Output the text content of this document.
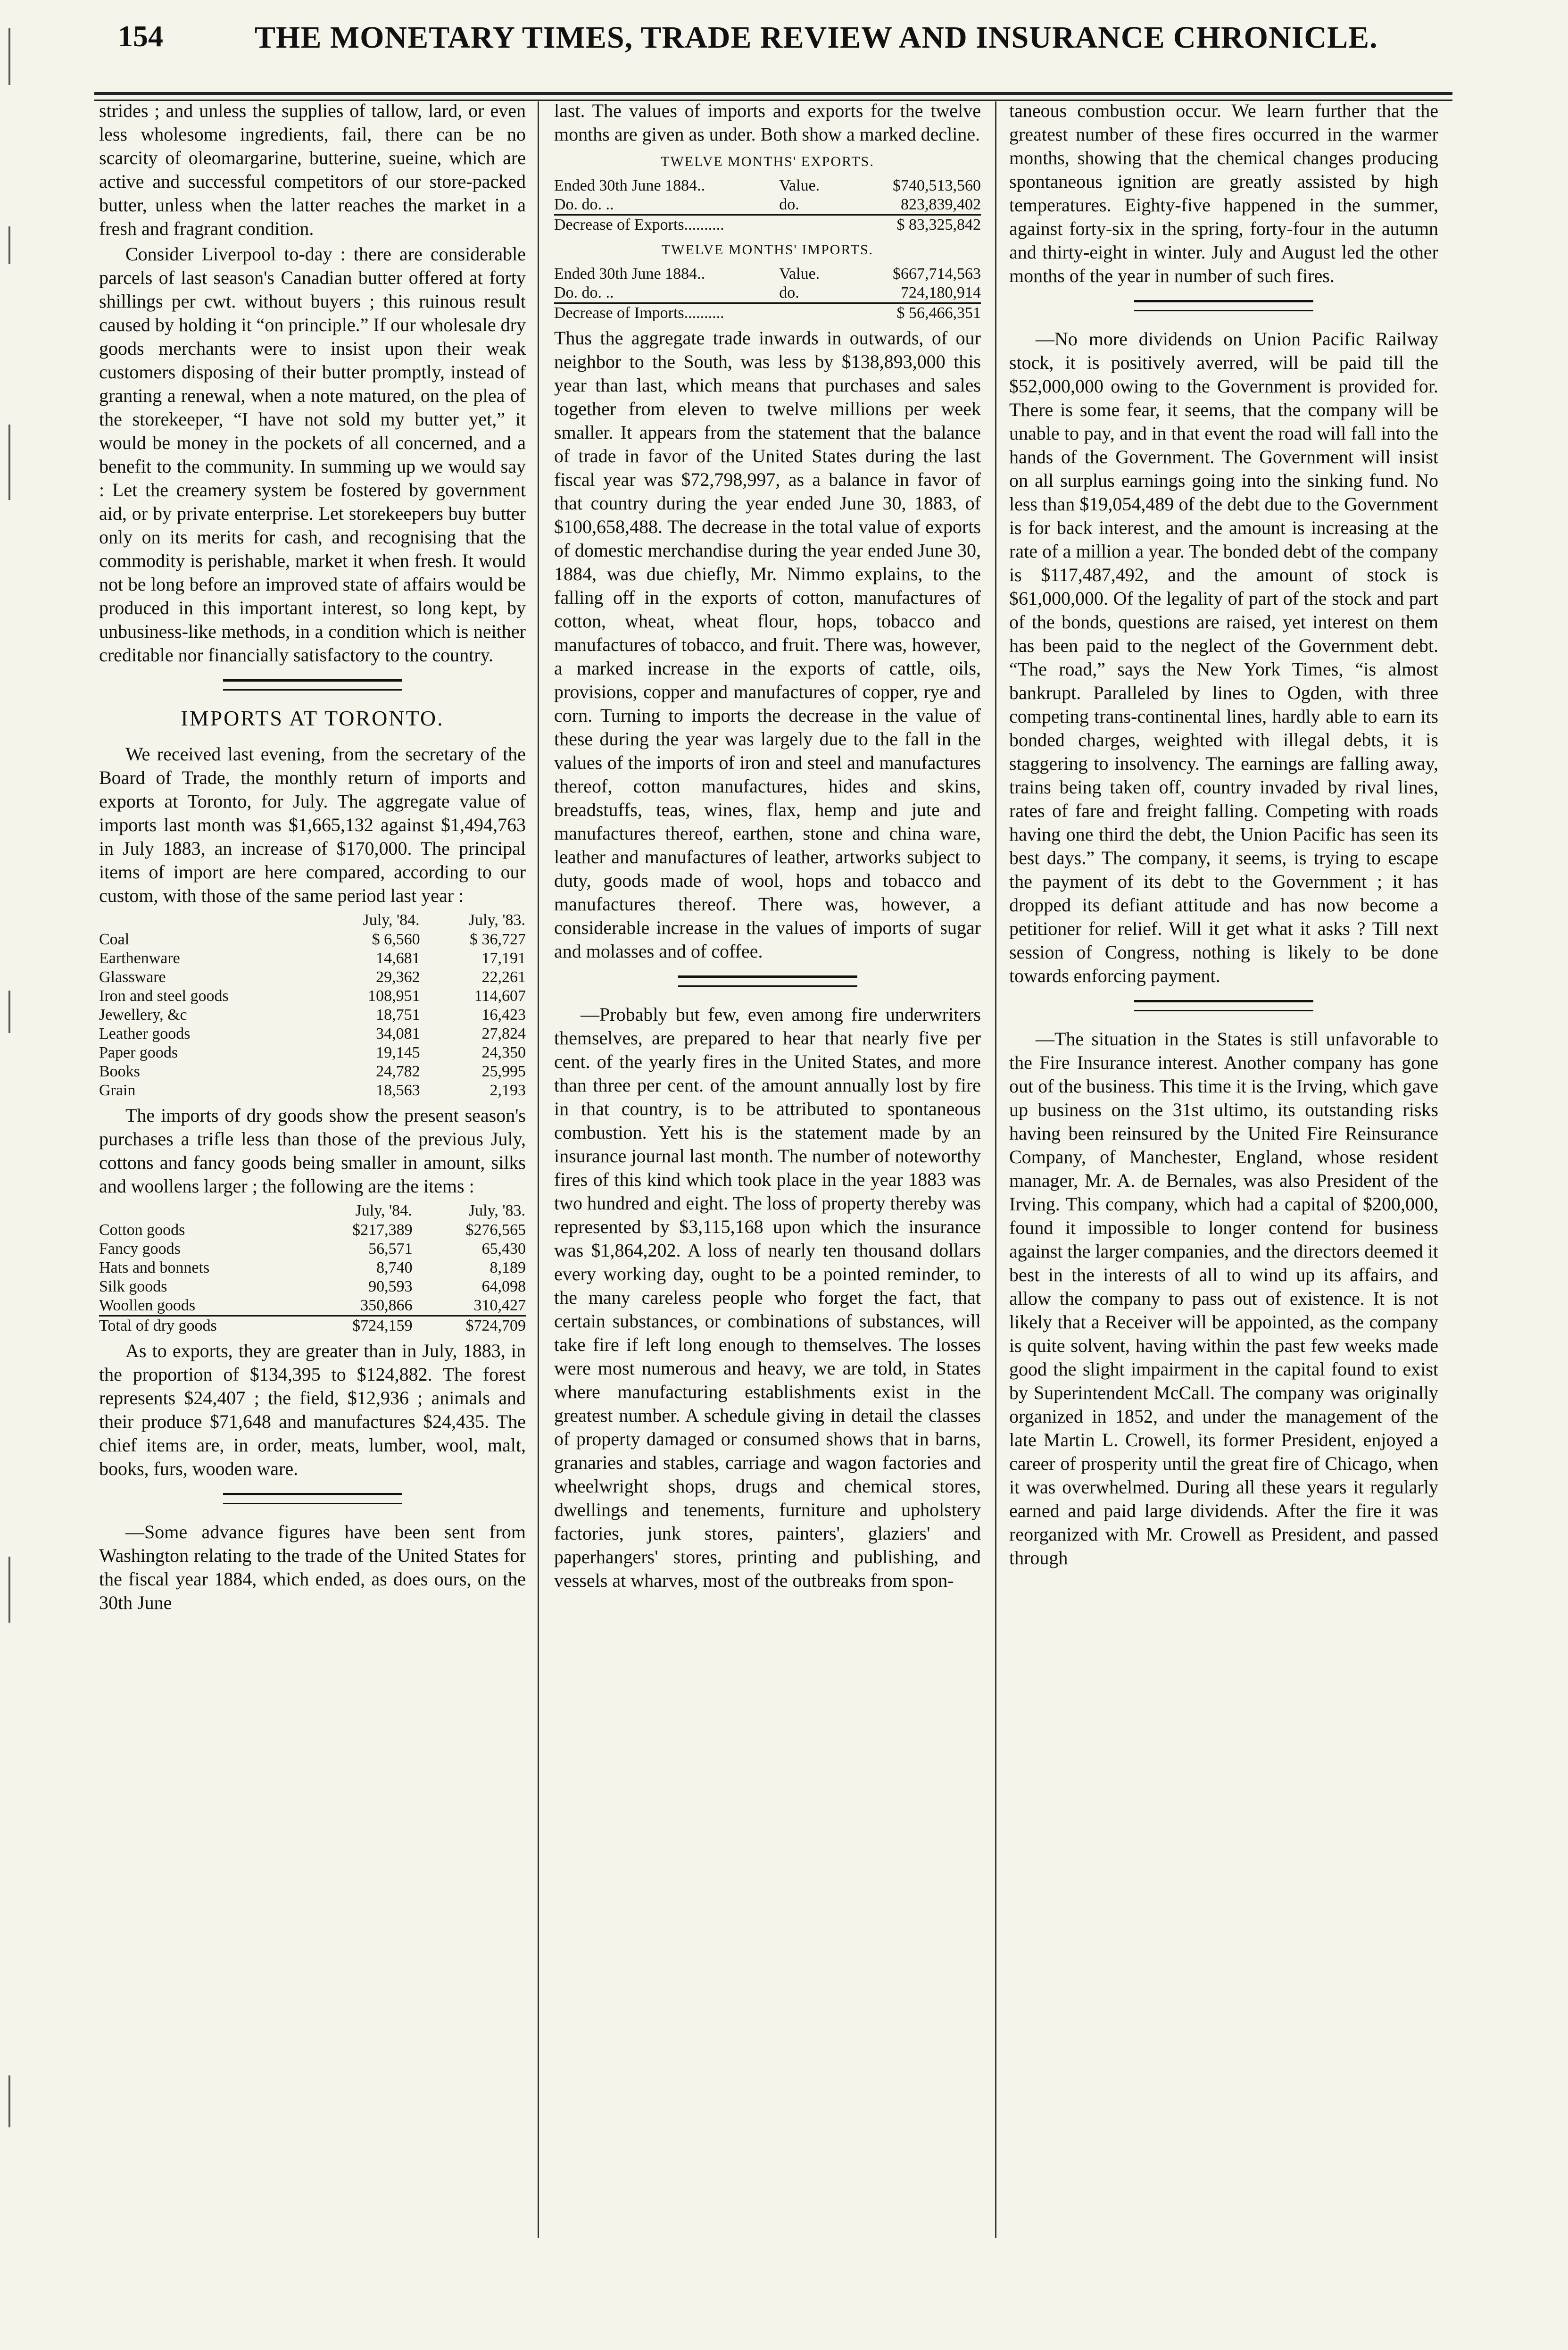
154	THE MONETARY TIMES, TRADE REVIEW AND INSURANCE CHRONICLE.

strides ; and unless the supplies of tallow, lard, or even less wholesome ingredients, fail, there can be no scarcity of oleomargarine, butterine, sueine, which are active and successful competitors of our store-packed butter, unless when the latter reaches the market in a fresh and fragrant condition.

Consider Liverpool to-day : there are considerable parcels of last season's Canadian butter offered at forty shillings per cwt. without buyers ; this ruinous result caused by holding it “on principle.” If our wholesale dry goods merchants were to insist upon their weak customers disposing of their butter promptly, instead of granting a renewal, when a note matured, on the plea of the storekeeper, “I have not sold my butter yet,” it would be money in the pockets of all concerned, and a benefit to the community. In summing up we would say : Let the creamery system be fostered by government aid, or by private enterprise. Let storekeepers buy butter only on its merits for cash, and recognising that the commodity is perishable, market it when fresh. It would not be long before an improved state of affairs would be produced in this important interest, so long kept, by unbusiness-like methods, in a condition which is neither creditable nor financially satisfactory to the country.

IMPORTS AT TORONTO.

We received last evening, from the secretary of the Board of Trade, the monthly return of imports and exports at Toronto, for July. The aggregate value of imports last month was $1,665,132 against $1,494,763 in July 1883, an increase of $170,000. The principal items of import are here compared, according to our custom, with those of the same period last year :

	July, '84.	July, '83.
Coal	$ 6,560	$ 36,727
Earthenware	14,681	17,191
Glassware	29,362	22,261
Iron and steel goods	108,951	114,607
Jewellery, &c	18,751	16,423
Leather goods	34,081	27,824
Paper goods	19,145	24,350
Books	24,782	25,995
Grain	18,563	2,193

The imports of dry goods show the present season's purchases a trifle less than those of the previous July, cottons and fancy goods being smaller in amount, silks and woollens larger ; the following are the items :

	July, '84.	July, '83.
Cotton goods	$217,389	$276,565
Fancy goods	56,571	65,430
Hats and bonnets	8,740	8,189
Silk goods	90,593	64,098
Woollen goods	350,866	310,427
Total of dry goods	$724,159	$724,709

As to exports, they are greater than in July, 1883, in the proportion of $134,395 to $124,882. The forest represents $24,407 ; the field, $12,936 ; animals and their produce $71,648 and manufactures $24,435. The chief items are, in order, meats, lumber, wool, malt, books, furs, wooden ware.

—Some advance figures have been sent from Washington relating to the trade of the United States for the fiscal year 1884, which ended, as does ours, on the 30th June

last. The values of imports and exports for the twelve months are given as under. Both show a marked decline.

TWELVE MONTHS' EXPORTS.
Ended 30th June 1884..	Value.	$740,513,560
Do. do. ..	do.	823,839,402
Decrease of Exports..........		$ 83,325,842
TWELVE MONTHS' IMPORTS.
Ended 30th June 1884..	Value.	$667,714,563
Do. do. ..	do.	724,180,914
Decrease of Imports..........		$ 56,466,351

Thus the aggregate trade inwards in outwards, of our neighbor to the South, was less by $138,893,000 this year than last, which means that purchases and sales together from eleven to twelve millions per week smaller. It appears from the statement that the balance of trade in favor of the United States during the last fiscal year was $72,798,997, as a balance in favor of that country during the year ended June 30, 1883, of $100,658,488. The decrease in the total value of exports of domestic merchandise during the year ended June 30, 1884, was due chiefly, Mr. Nimmo explains, to the falling off in the exports of cotton, manufactures of cotton, wheat, wheat flour, hops, tobacco and manufactures of tobacco, and fruit. There was, however, a marked increase in the exports of cattle, oils, provisions, copper and manufactures of copper, rye and corn. Turning to imports the decrease in the value of these during the year was largely due to the fall in the values of the imports of iron and steel and manufactures thereof, cotton manufactures, hides and skins, breadstuffs, teas, wines, flax, hemp and jute and manufactures thereof, earthen, stone and china ware, leather and manufactures of leather, artworks subject to duty, goods made of wool, hops and tobacco and manufactures thereof. There was, however, a considerable increase in the values of imports of sugar and molasses and of coffee.

—Probably but few, even among fire underwriters themselves, are prepared to hear that nearly five per cent. of the yearly fires in the United States, and more than three per cent. of the amount annually lost by fire in that country, is to be attributed to spontaneous combustion. Yett his is the statement made by an insurance journal last month. The number of noteworthy fires of this kind which took place in the year 1883 was two hundred and eight. The loss of property thereby was represented by $3,115,168 upon which the insurance was $1,864,202. A loss of nearly ten thousand dollars every working day, ought to be a pointed reminder, to the many careless people who forget the fact, that certain substances, or combinations of substances, will take fire if left long enough to themselves. The losses were most numerous and heavy, we are told, in States where manufacturing establishments exist in the greatest number. A schedule giving in detail the classes of property damaged or consumed shows that in barns, granaries and stables, carriage and wagon factories and wheelwright shops, drugs and chemical stores, dwellings and tenements, furniture and upholstery factories, junk stores, painters', glaziers' and paperhangers' stores, printing and publishing, and vessels at wharves, most of the outbreaks from spon-

taneous combustion occur. We learn further that the greatest number of these fires occurred in the warmer months, showing that the chemical changes producing spontaneous ignition are greatly assisted by high temperatures. Eighty-five happened in the summer, against forty-six in the spring, forty-four in the autumn and thirty-eight in winter. July and August led the other months of the year in number of such fires.

—No more dividends on Union Pacific Railway stock, it is positively averred, will be paid till the $52,000,000 owing to the Government is provided for. There is some fear, it seems, that the company will be unable to pay, and in that event the road will fall into the hands of the Government. The Government will insist on all surplus earnings going into the sinking fund. No less than $19,054,489 of the debt due to the Government is for back interest, and the amount is increasing at the rate of a million a year. The bonded debt of the company is $117,487,492, and the amount of stock is $61,000,000. Of the legality of part of the stock and part of the bonds, questions are raised, yet interest on them has been paid to the neglect of the Government debt. “The road,” says the New York Times, “is almost bankrupt. Paralleled by lines to Ogden, with three competing trans-continental lines, hardly able to earn its bonded charges, weighted with illegal debts, it is staggering to insolvency. The earnings are falling away, trains being taken off, country invaded by rival lines, rates of fare and freight falling. Competing with roads having one third the debt, the Union Pacific has seen its best days.” The company, it seems, is trying to escape the payment of its debt to the Government ; it has dropped its defiant attitude and has now become a petitioner for relief. Will it get what it asks ? Till next session of Congress, nothing is likely to be done towards enforcing payment.

—The situation in the States is still unfavorable to the Fire Insurance interest. Another company has gone out of the business. This time it is the Irving, which gave up business on the 31st ultimo, its outstanding risks having been reinsured by the United Fire Reinsurance Company, of Manchester, England, whose resident manager, Mr. A. de Bernales, was also President of the Irving. This company, which had a capital of $200,000, found it impossible to longer contend for business against the larger companies, and the directors deemed it best in the interests of all to wind up its affairs, and allow the company to pass out of existence. It is not likely that a Receiver will be appointed, as the company is quite solvent, having within the past few weeks made good the slight impairment in the capital found to exist by Superintendent McCall. The company was originally organized in 1852, and under the management of the late Martin L. Crowell, its former President, enjoyed a career of prosperity until the great fire of Chicago, when it was overwhelmed. During all these years it regularly earned and paid large dividends. After the fire it was reorganized with Mr. Crowell as President, and passed through
